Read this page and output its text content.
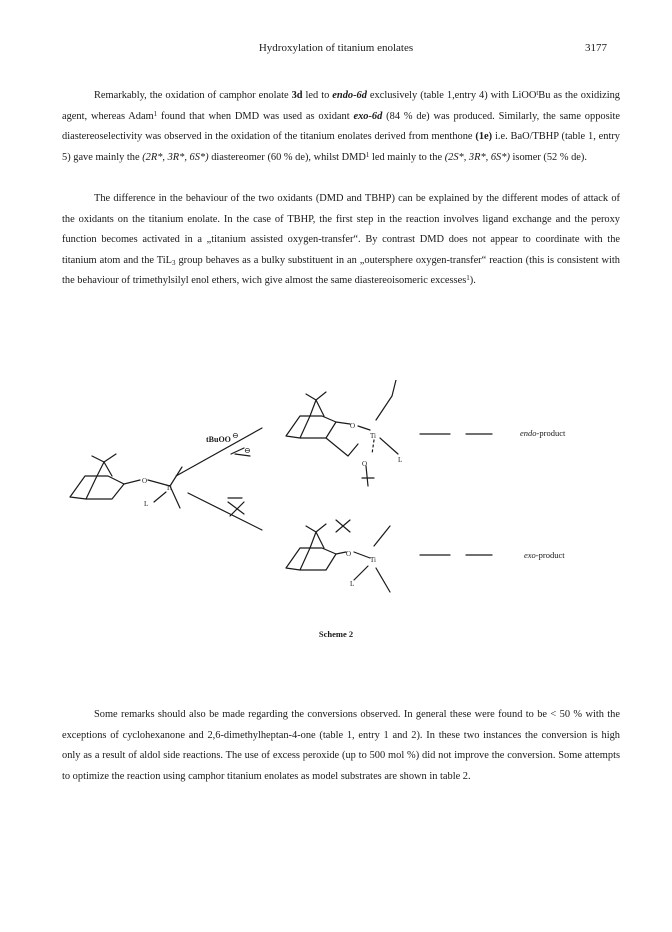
Hydroxylation of titanium enolates	3177

Remarkably, the oxidation of camphor enolate 3d led to endo-6d exclusively (table 1,entry 4) with LiOO$^t$Bu as the oxidizing agent, whereas Adam$^1$ found that when DMD was used as oxidant exo-6d (84 % de) was produced. Similarly, the same opposite diastereoselectivity was observed in the oxidation of the titanium enolates derived from menthone (1e) i.e. BaO/TBHP (table 1, entry 5) gave mainly the (2R*, 3R*, 6S*) diastereomer (60 % de), whilst DMD$^1$ led mainly to the (2S*, 3R*, 6S*) isomer (52 % de).

The difference in the behaviour of the two oxidants (DMD and TBHP) can be explained by the different modes of attack of the oxidants on the titanium enolate. In the case of TBHP, the first step in the reaction involves ligand exchange and the peroxy function becomes activated in a „titanium assisted oxygen-transfer“. By contrast DMD does not appear to coordinate with the titanium atom and the TiL$_3$ group behaves as a bulky substituent in an „outersphere oxygen-transfer“ reaction (this is consistent with the behaviour of trimethylsilyl enol ethers, wich give almost the same diastereoisomeric excesses$^1$).

O
Ti
L
tBuOO ⊖
⊖
O
Ti
L
O
O
Ti
L
endo-product
exo-product
Scheme 2

Some remarks should also be made regarding the conversions observed. In general these were found to be < 50 % with the exceptions of cyclohexanone and 2,6-dimethylheptan-4-one (table 1, entry 1 and 2). In these two instances the conversion is high only as a result of aldol side reactions. The use of excess peroxide (up to 500 mol %) did not improve the conversion. Some attempts to optimize the reaction using camphor titanium enolates as model substrates are shown in table 2.
